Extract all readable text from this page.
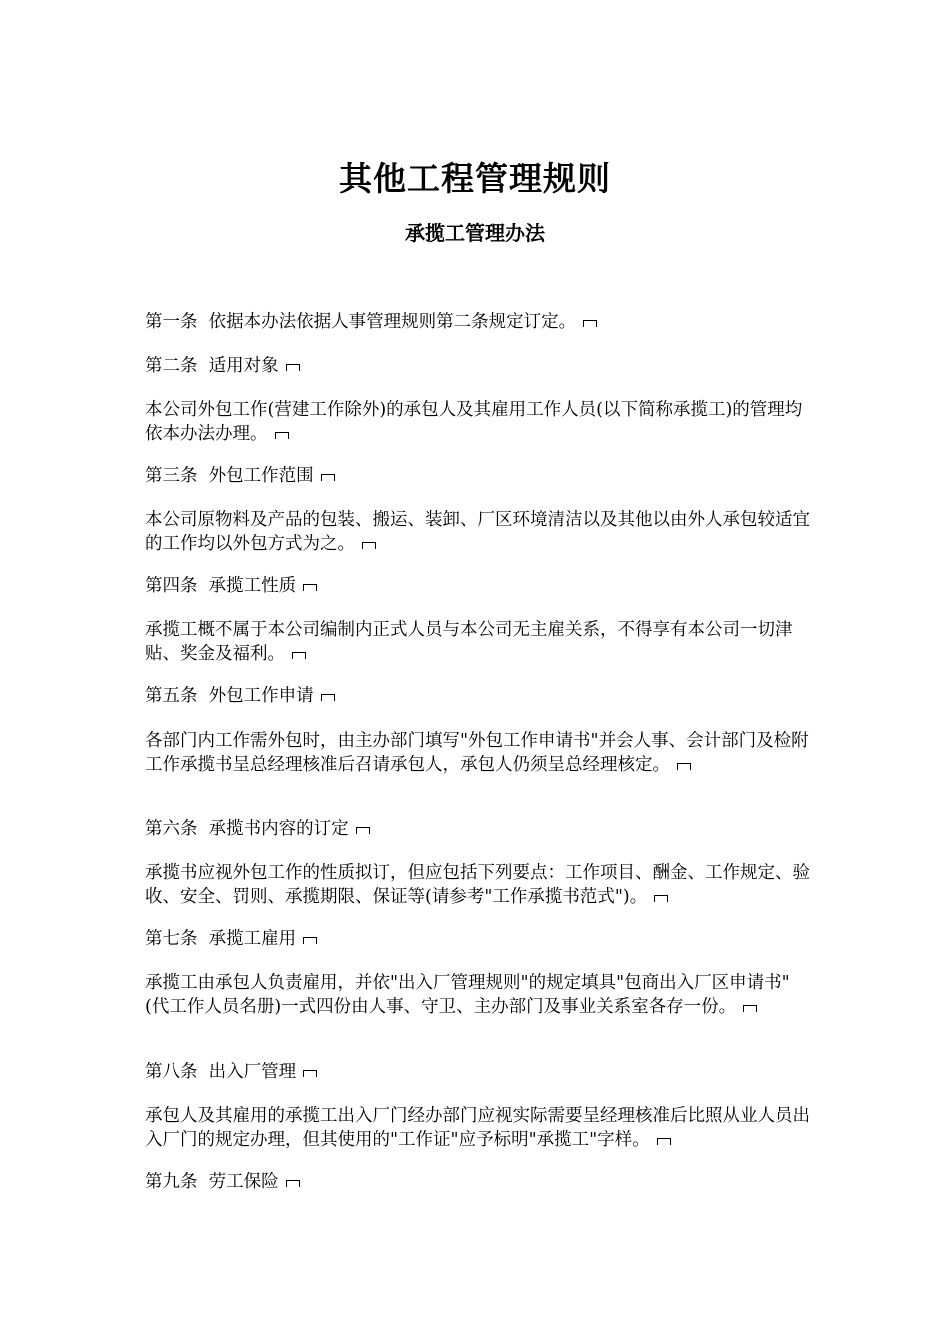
其他工程管理规则
承揽工管理办法
第一条  依据本办法依据人事管理规则第二条规定订定。
第二条  适用对象
本公司外包工作(营建工作除外)的承包人及其雇用工作人员(以下简称承揽工)的管理均依本办法办理。
第三条  外包工作范围
本公司原物料及产品的包装、搬运、装卸、厂区环境清洁以及其他以由外人承包较适宜的工作均以外包方式为之。
第四条  承揽工性质
承揽工概不属于本公司编制内正式人员与本公司无主雇关系，不得享有本公司一切津贴、奖金及福利。
第五条  外包工作申请
各部门内工作需外包时，由主办部门填写"外包工作申请书"并会人事、会计部门及检附工作承揽书呈总经理核准后召请承包人，承包人仍须呈总经理核定。
第六条  承揽书内容的订定
承揽书应视外包工作的性质拟订，但应包括下列要点：工作项目、酬金、工作规定、验收、安全、罚则、承揽期限、保证等(请参考"工作承揽书范式")。
第七条  承揽工雇用
承揽工由承包人负责雇用，并依"出入厂管理规则"的规定填具"包商出入厂区申请书"(代工作人员名册)一式四份由人事、守卫、主办部门及事业关系室各存一份。
第八条  出入厂管理
承包人及其雇用的承揽工出入厂门经办部门应视实际需要呈经理核准后比照从业人员出入厂门的规定办理，但其使用的"工作证"应予标明"承揽工"字样。
第九条  劳工保险
